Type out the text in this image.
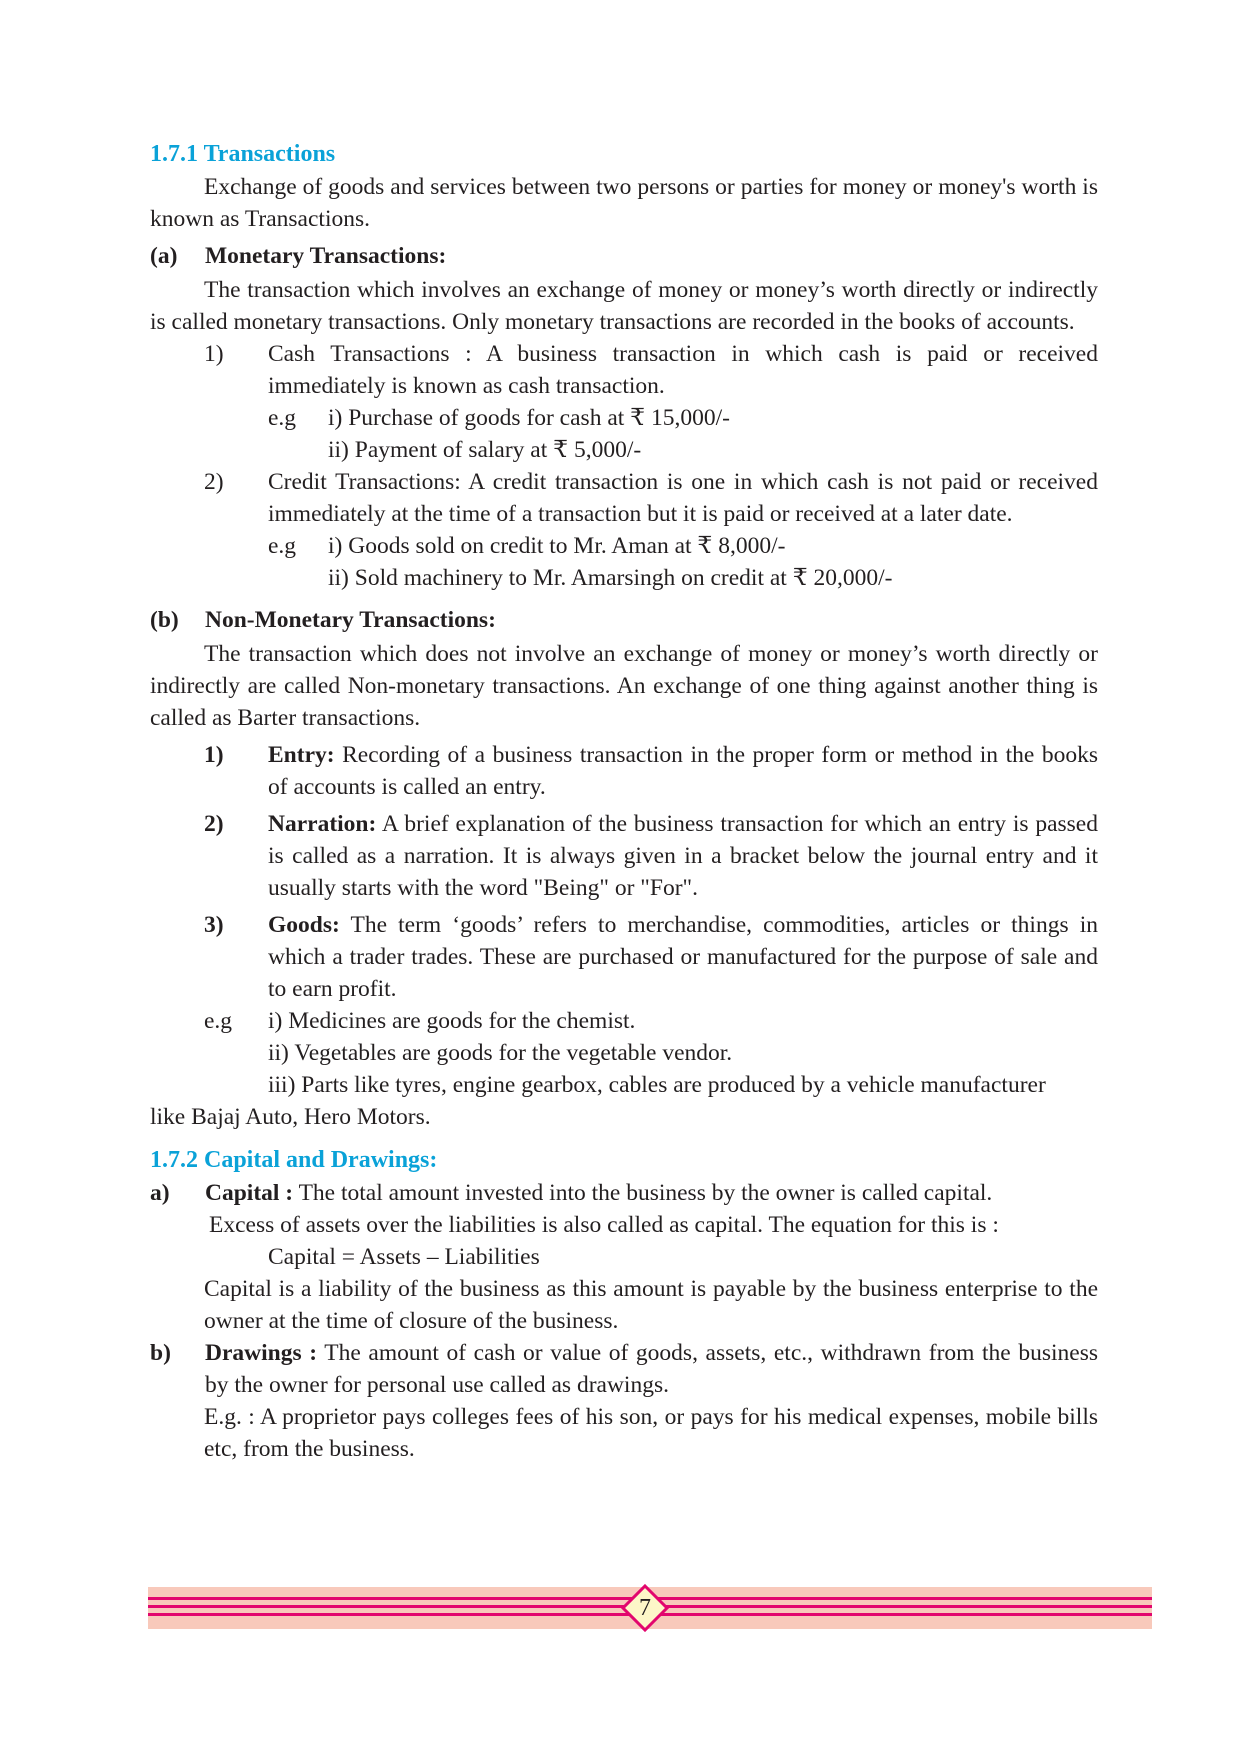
1.7.1 Transactions

Exchange of goods and services between two persons or parties for money or money's worth is known as Transactions.

(a)	Monetary Transactions:

The transaction which involves an exchange of money or money’s worth directly or indirectly is called monetary transactions. Only monetary transactions are recorded in the books of accounts.

1)	Cash Transactions : A business transaction in which cash is paid or received immediately is known as cash transaction.
e.g	i) Purchase of goods for cash at ₹ 15,000/-
ii) Payment of salary at ₹ 5,000/-
2)	Credit Transactions: A credit transaction is one in which cash is not paid or received immediately at the time of a transaction but it is paid or received at a later date.
e.g	i) Goods sold on credit to Mr. Aman at ₹ 8,000/-
ii) Sold machinery to Mr. Amarsingh on credit at ₹ 20,000/-
(b)	Non-Monetary Transactions:

The transaction which does not involve an exchange of money or money’s worth directly or indirectly are called Non-monetary transactions. An exchange of one thing against another thing is called as Barter transactions.

1)	Entry: Recording of a business transaction in the proper form or method in the books of accounts is called an entry.
2)	Narration: A brief explanation of the business transaction for which an entry is passed is called as a narration. It is always given in a bracket below the journal entry and it usually starts with the word "Being" or "For".
3)	Goods: The term ‘goods’ refers to merchandise, commodities, articles or things in which a trader trades. These are purchased or manufactured for the purpose of sale and to earn profit.
e.g	i) Medicines are goods for the chemist.
ii) Vegetables are goods for the vegetable vendor.
iii) Parts like tyres, engine gearbox, cables are produced by a vehicle manufacturer
like Bajaj Auto, Hero Motors.

1.7.2 Capital and Drawings:

a)	Capital : The total amount invested into the business by the owner is called capital.
Excess of assets over the liabilities is also called as capital. The equation for this is :
Capital = Assets – Liabilities
Capital is a liability of the business as this amount is payable by the business enterprise to the owner at the time of closure of the business.
b)	Drawings : The amount of cash or value of goods, assets, etc., withdrawn from the business by the owner for personal use called as drawings.
E.g. : A proprietor pays colleges fees of his son, or pays for his medical expenses, mobile bills etc, from the business.
7
